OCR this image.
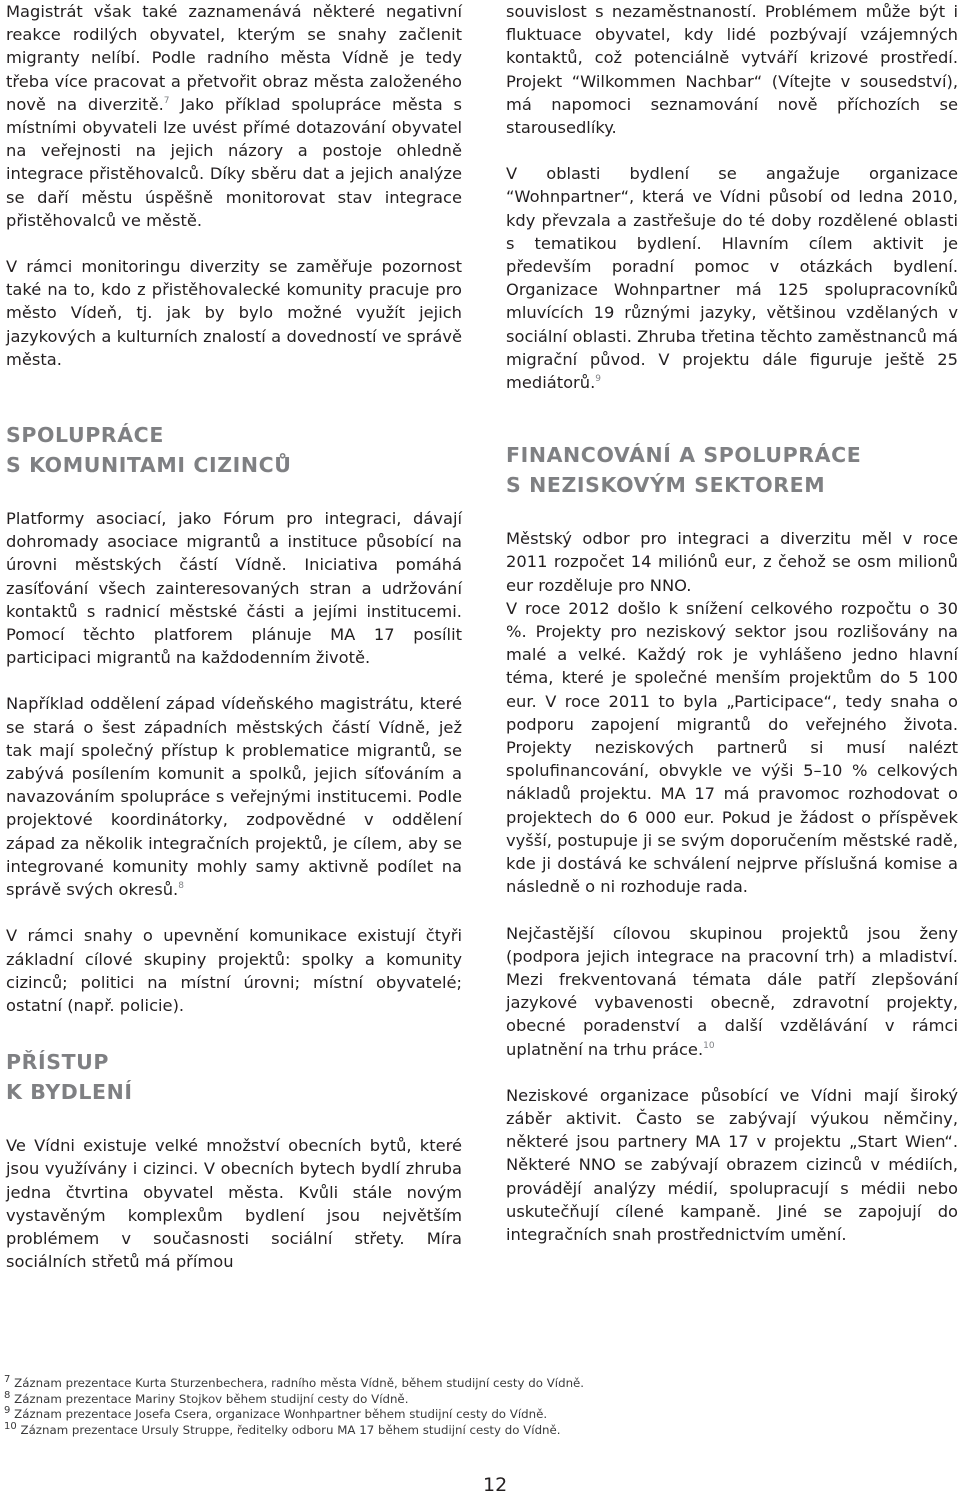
Magistrát však také zaznamenává některé negativní reakce rodilých obyvatel, kterým se snahy začlenit migranty nelíbí. Podle radního města Vídně je tedy třeba více pracovat a přetvořit obraz města založeného nově na diverzitě.$^7$ Jako příklad spolupráce města s místními obyvateli lze uvést přímé dotazování obyvatel na veřejnosti na jejich názory a postoje ohledně integrace přistěhovalců. Díky sběru dat a jejich analýze se daří městu úspěšně monitorovat stav integrace přistěhovalců ve městě.

V rámci monitoringu diverzity se zaměřuje pozornost také na to, kdo z přistěhovalecké komunity pracuje pro město Vídeň, tj. jak by bylo možné využít jejich jazykových a kulturních znalostí a dovedností ve správě města.

SPOLUPRÁCE
S KOMUNITAMI CIZINCŮ

Platformy asociací, jako Fórum pro integraci, dávají dohromady asociace migrantů a instituce působící na úrovni městských částí Vídně. Iniciativa pomáhá zasíťování všech zainteresovaných stran a udržování kontaktů s radnicí městské části a jejími institucemi. Pomocí těchto platforem plánuje MA 17 posílit participaci migrantů na každodenním životě.

Například oddělení západ vídeňského magistrátu, které se stará o šest západních městských částí Vídně, jež tak mají společný přístup k problematice migrantů, se zabývá posílením komunit a spolků, jejich síťováním a navazováním spolupráce s veřejnými institucemi. Podle projektové koordinátorky, zodpovědné v oddělení západ za několik integračních projektů, je cílem, aby se integrované komunity mohly samy aktivně podílet na správě svých okresů.$^8$

V rámci snahy o upevnění komunikace existují čtyři základní cílové skupiny projektů: spolky a komunity cizinců; politici na místní úrovni; místní obyvatelé; ostatní (např. policie).

PŘÍSTUP
K BYDLENÍ

Ve Vídni existuje velké množství obecních bytů, které jsou využívány i cizinci. V obecních bytech bydlí zhruba jedna čtvrtina obyvatel města. Kvůli stále novým vystavěným komplexům bydlení jsou největším problémem v současnosti sociální střety. Míra sociálních střetů má přímou

souvislost s nezaměstnaností. Problémem může být i fluktuace obyvatel, kdy lidé pozbývají vzájemných kontaktů, což potenciálně vytváří krizové prostředí. Projekt “Wilkommen Nachbar“ (Vítejte v sousedství), má napomoci seznamování nově příchozích se starousedlíky.

V oblasti bydlení se angažuje organizace “Wohnpartner“, která ve Vídni působí od ledna 2010, kdy převzala a zastřešuje do té doby rozdělené oblasti s tematikou bydlení. Hlavním cílem aktivit je především poradní pomoc v otázkách bydlení. Organizace Wohnpartner má 125 spolupracovníků mluvících 19 různými jazyky, většinou vzdělaných v sociální oblasti. Zhruba třetina těchto zaměstnanců má migrační původ. V projektu dále figuruje ještě 25 mediátorů.$^9$

FINANCOVÁNÍ A SPOLUPRÁCE
S NEZISKOVÝM SEKTOREM

Městský odbor pro integraci a diverzitu měl v roce 2011 rozpočet 14 miliónů eur, z čehož se osm milionů eur rozděluje pro NNO.

V roce 2012 došlo k snížení celkového rozpočtu o 30 %. Projekty pro neziskový sektor jsou rozlišovány na malé a velké. Každý rok je vyhlášeno jedno hlavní téma, které je společné menším projektům do 5 100 eur. V roce 2011 to byla „Participace“, tedy snaha o podporu zapojení migrantů do veřejného života. Projekty neziskových partnerů si musí nalézt spolufinancování, obvykle ve výši 5–10 % celkových nákladů projektu. MA 17 má pravomoc rozhodovat o projektech do 6 000 eur. Pokud je žádost o příspěvek vyšší, postupuje ji se svým doporučením městské radě, kde ji dostává ke schválení nejprve příslušná komise a následně o ni rozhoduje rada.

Nejčastější cílovou skupinou projektů jsou ženy (podpora jejich integrace na pracovní trh) a mladiství. Mezi frekventovaná témata dále patří zlepšování jazykové vybavenosti obecně, zdravotní projekty, obecné poradenství a další vzdělávání v rámci uplatnění na trhu práce.$^{10}$

Neziskové organizace působící ve Vídni mají široký záběr aktivit. Často se zabývají výukou němčiny, některé jsou partnery MA 17 v projektu „Start Wien“. Některé NNO se zabývají obrazem cizinců v médiích, provádějí analýzy médií, spolupracují s médii nebo uskutečňují cílené kampaně. Jiné se zapojují do integračních snah prostřednictvím umění.

$^7$ Záznam prezentace Kurta Sturzenbechera, radního města Vídně, během studijní cesty do Vídně.
$^8$ Záznam prezentace Mariny Stojkov během studijní cesty do Vídně.
$^9$ Záznam prezentace Josefa Csera, organizace Wonhpartner během studijní cesty do Vídně.
$^{10}$ Záznam prezentace Ursuly Struppe, ředitelky odboru MA 17 během studijní cesty do Vídně.
12
